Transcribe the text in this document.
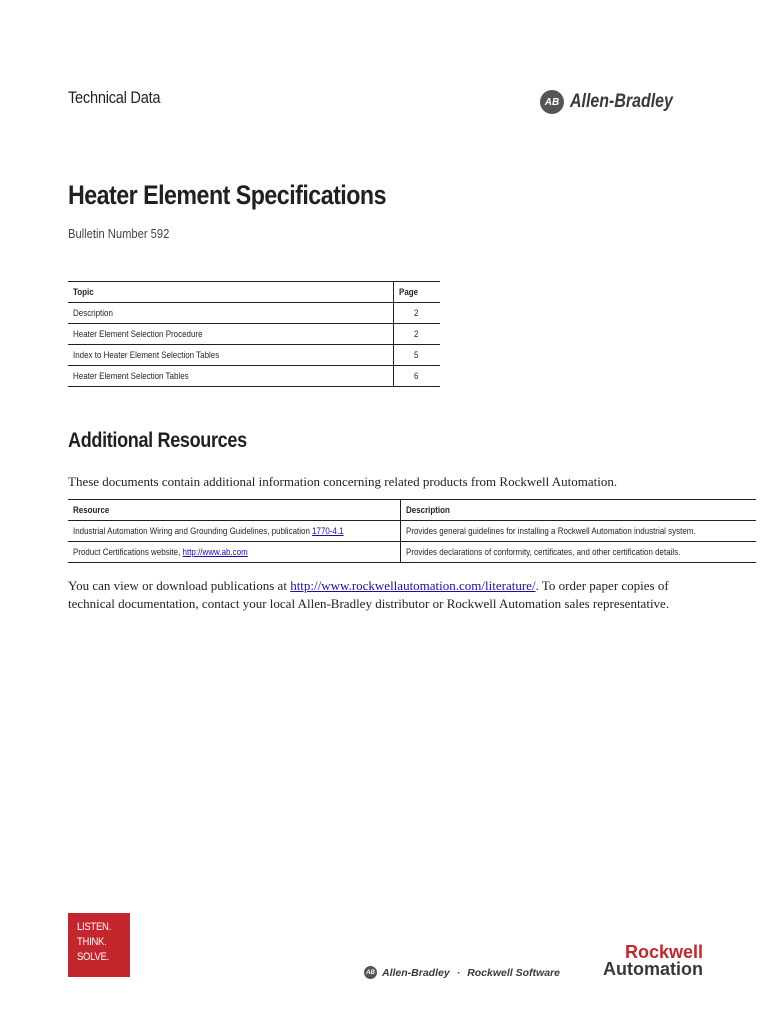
Technical Data	AB Allen-Bradley
Heater Element Specifications
Bulletin Number 592
Topic	Page
Description	2
Heater Element Selection Procedure	2
Index to Heater Element Selection Tables	5
Heater Element Selection Tables	6
Additional Resources
These documents contain additional information concerning related products from Rockwell Automation.
Resource	Description
Industrial Automation Wiring and Grounding Guidelines, publication 1770-4.1	Provides general guidelines for installing a Rockwell Automation industrial system.
Product Certifications website, http://www.ab.com	Provides declarations of conformity, certificates, and other certification details.

You can view or download publications at http://www.rockwellautomation.com/literature/. To order paper copies of technical documentation, contact your local Allen-Bradley distributor or Rockwell Automation sales representative.

LISTEN.
THINK.
SOLVE.
AB Allen-Bradley · Rockwell Software
Rockwell
Automation
